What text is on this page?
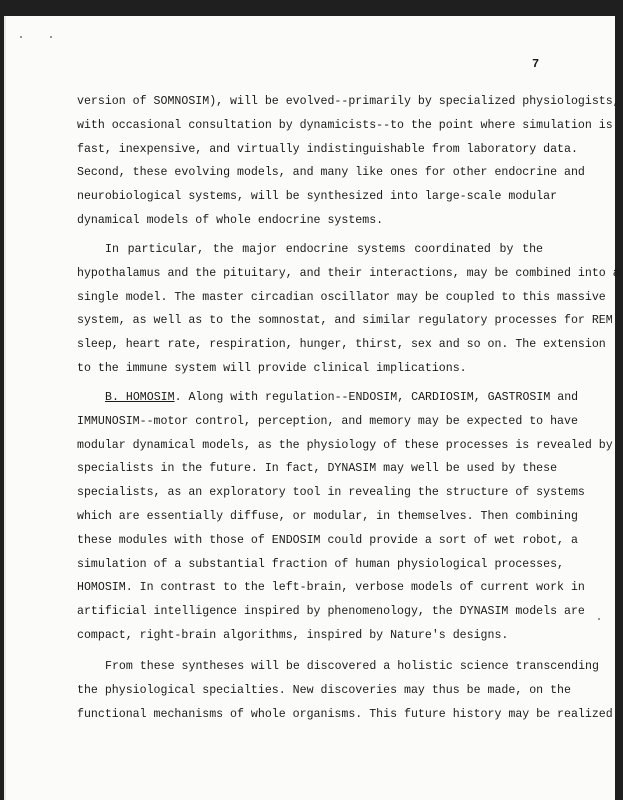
7
version of SOMNOSIM), will be evolved--primarily by specialized physiologists,
with occasional consultation by dynamicists--to the point where simulation is
fast, inexpensive, and virtually indistinguishable from laboratory data.
Second, these evolving models, and many like ones for other endocrine and
neurobiological systems, will be synthesized into large-scale modular
dynamical models of whole endocrine systems.
In particular, the major endocrine systems coordinated by the
hypothalamus and the pituitary, and their interactions, may be combined into a
single model. The master circadian oscillator may be coupled to this massive
system, as well as to the somnostat, and similar regulatory processes for REM
sleep, heart rate, respiration, hunger, thirst, sex and so on. The extension
to the immune system will provide clinical implications.
B. HOMOSIM. Along with regulation--ENDOSIM, CARDIOSIM, GASTROSIM and
IMMUNOSIM--motor control, perception, and memory may be expected to have
modular dynamical models, as the physiology of these processes is revealed by
specialists in the future. In fact, DYNASIM may well be used by these
specialists, as an exploratory tool in revealing the structure of systems
which are essentially diffuse, or modular, in themselves. Then combining
these modules with those of ENDOSIM could provide a sort of wet robot, a
simulation of a substantial fraction of human physiological processes,
HOMOSIM. In contrast to the left-brain, verbose models of current work in
artificial intelligence inspired by phenomenology, the DYNASIM models are
compact, right-brain algorithms, inspired by Nature's designs.
From these syntheses will be discovered a holistic science transcending
the physiological specialties. New discoveries may thus be made, on the
functional mechanisms of whole organisms. This future history may be realized
